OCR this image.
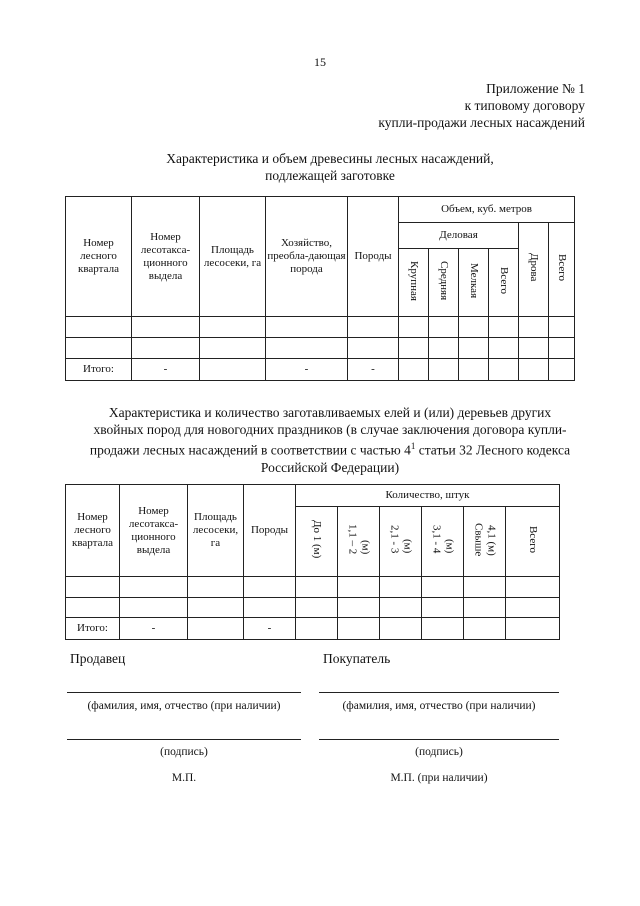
15
Приложение № 1
к типовому договору
купли-продажи лесных насаждений
Характеристика и объем древесины лесных насаждений,
подлежащей заготовке
Номер лесного квартала	Номер лесотакса-ционного выдела	Площадь лесосеки, га	Хозяйство, преобла-дающая порода	Породы	Объем, куб. метров					
					Деловая				Дрова	Всего
					Крупная	Средняя	Мелкая	Всего		

Итого:	-		-	-						
Характеристика и количество заготавливаемых елей и (или) деревьев других
хвойных пород для новогодних праздников (в случае заключения договора купли-
продажи лесных насаждений в соответствии с частью $4^1$ статьи 32 Лесного кодекса
Российской Федерации)
Номер лесного квартала	Номер лесотакса-ционного выдела	Площадь лесосеки, га	Породы	Количество, штук					
				До 1 (м)	1,1 – 2(м)	2,1 - 3(м)	3,1 - 4(м)	Свыше4,1 (м)	Всего

Итого:	-		-						
Продавец	Покупатель
(фамилия, имя, отчество (при наличии)	(фамилия, имя, отчество (при наличии)
(подпись)	(подпись)
М.П.	М.П. (при наличии)
